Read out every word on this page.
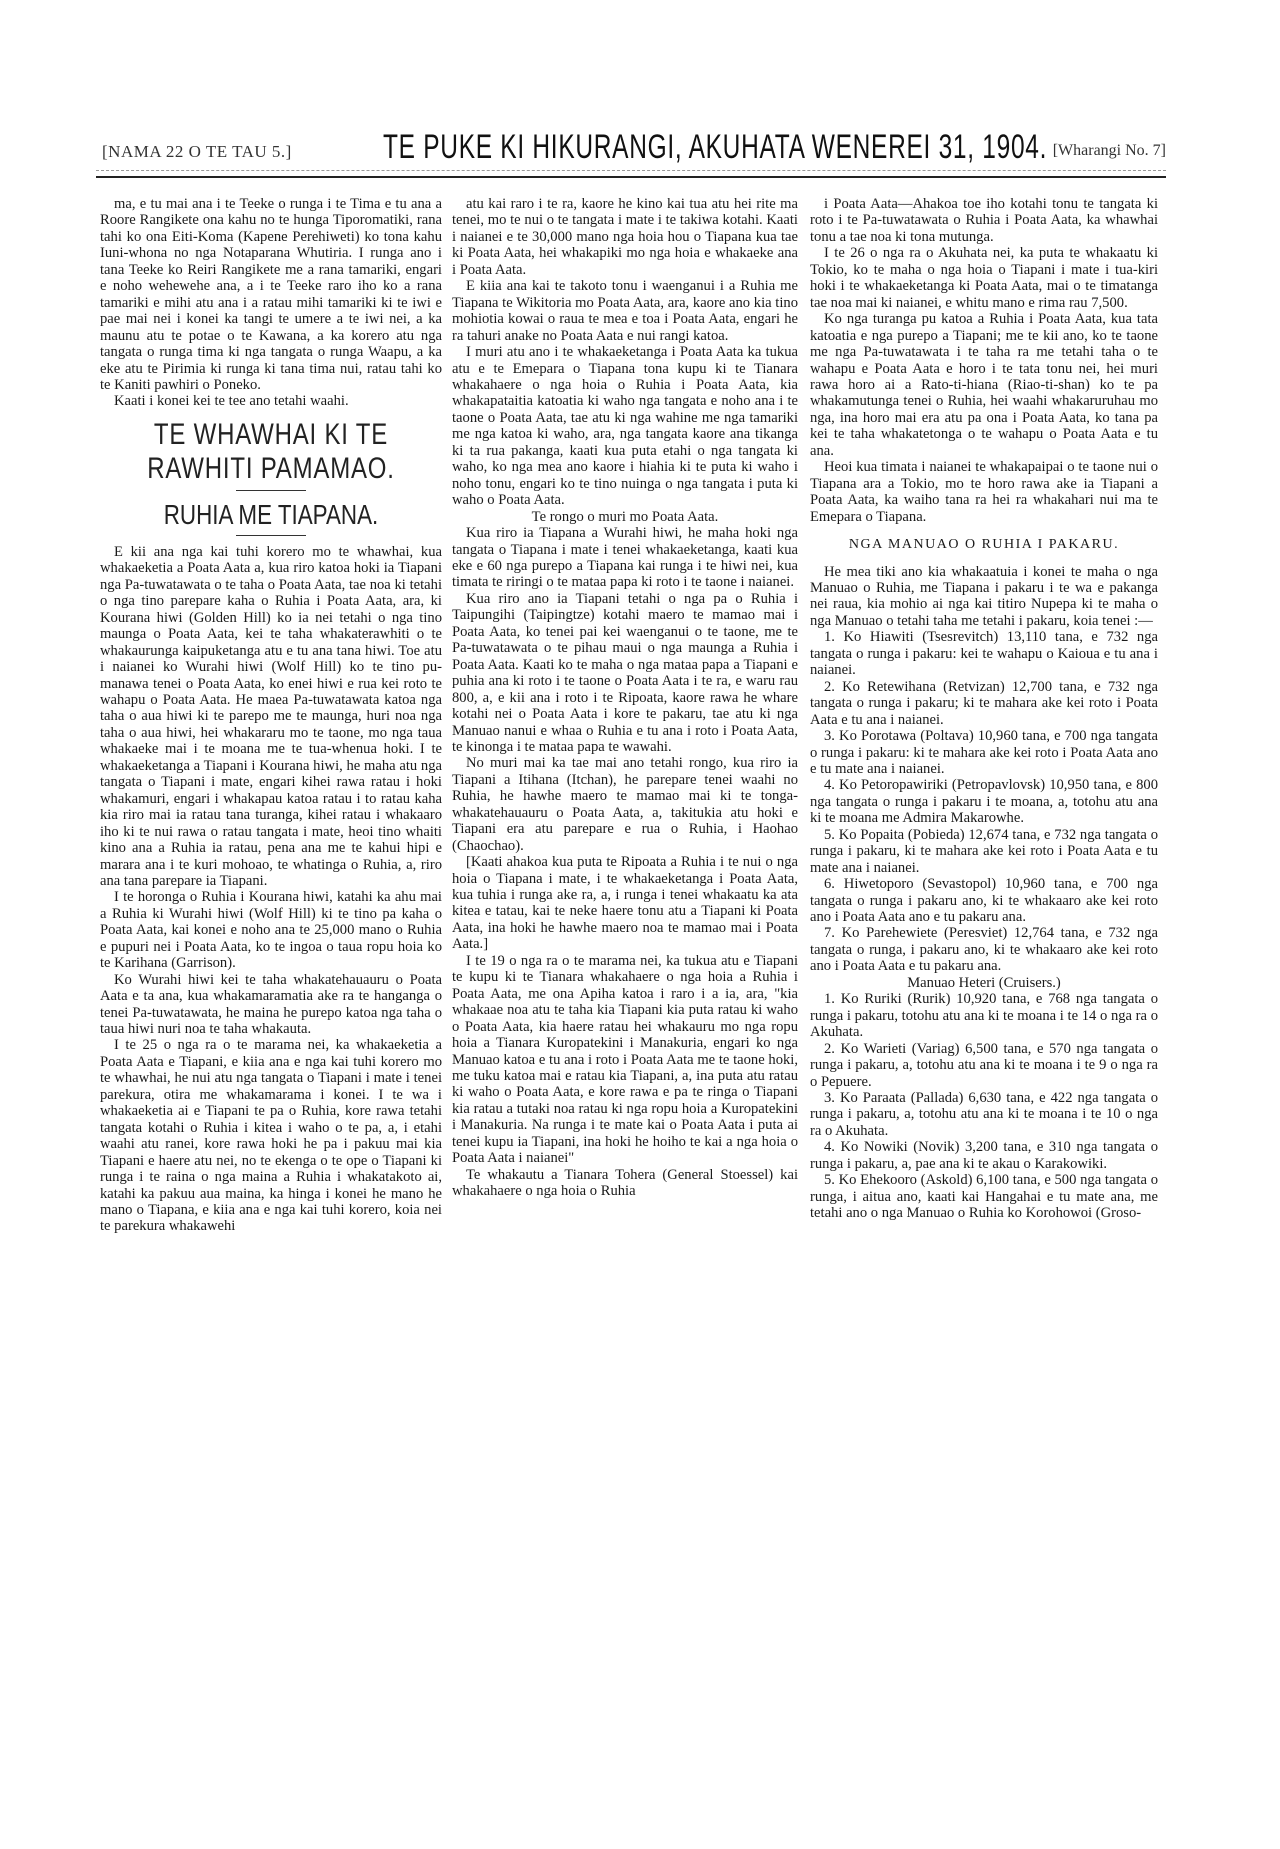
[NAMA 22 O TE TAU 5.]	TE PUKE KI HIKURANGI, AKUHATA WENEREI 31, 1904. [Wharangi No. 7]

ma, e tu mai ana i te Teeke o runga i te Tima e tu ana a Roore Rangikete ona kahu no te hunga Tiporomatiki, rana tahi ko ona Eiti-Koma (Kapene Perehiweti) ko tona kahu Iuni-whona no nga Notaparana Whutiria. I runga ano i tana Teeke ko Reiri Rangikete me a rana tamariki, engari e noho wehewehe ana, a i te Teeke raro iho ko a rana tamariki e mihi atu ana i a ratau mihi tamariki ki te iwi e pae mai nei i konei ka tangi te umere a te iwi nei, a ka maunu atu te potae o te Kawana, a ka korero atu nga tangata o runga tima ki nga tangata o runga Waapu, a ka eke atu te Pirimia ki runga ki tana tima nui, ratau tahi ko te Kaniti pawhiri o Poneko.

Kaati i konei kei te tee ano tetahi waahi.

TE WHAWHAI KI TE RAWHITI PAMAMAO.
RUHIA ME TIAPANA.

E kii ana nga kai tuhi korero mo te whawhai, kua whakaeketia a Poata Aata a, kua riro katoa hoki ia Tiapani nga Pa-tuwatawata o te taha o Poata Aata, tae noa ki tetahi o nga tino parepare kaha o Ruhia i Poata Aata, ara, ki Kourana hiwi (Golden Hill) ko ia nei tetahi o nga tino maunga o Poata Aata, kei te taha whakaterawhiti o te whakaurunga kaipuketanga atu e tu ana tana hiwi. Toe atu i naianei ko Wurahi hiwi (Wolf Hill) ko te tino pu-manawa tenei o Poata Aata, ko enei hiwi e rua kei roto te wahapu o Poata Aata. He maea Pa-tuwatawata katoa nga taha o aua hiwi ki te parepo me te maunga, huri noa nga taha o aua hiwi, hei whakararu mo te taone, mo nga taua whakaeke mai i te moana me te tua-whenua hoki. I te whakaeketanga a Tiapani i Kourana hiwi, he maha atu nga tangata o Tiapani i mate, engari kihei rawa ratau i hoki whakamuri, engari i whakapau katoa ratau i to ratau kaha kia riro mai ia ratau tana turanga, kihei ratau i whakaaro iho ki te nui rawa o ratau tangata i mate, heoi tino whaiti kino ana a Ruhia ia ratau, pena ana me te kahui hipi e marara ana i te kuri mohoao, te whatinga o Ruhia, a, riro ana tana parepare ia Tiapani.

I te horonga o Ruhia i Kourana hiwi, katahi ka ahu mai a Ruhia ki Wurahi hiwi (Wolf Hill) ki te tino pa kaha o Poata Aata, kai konei e noho ana te 25,000 mano o Ruhia e pupuri nei i Poata Aata, ko te ingoa o taua ropu hoia ko te Karihana (Garrison).

Ko Wurahi hiwi kei te taha whakatehauauru o Poata Aata e ta ana, kua whakamaramatia ake ra te hanganga o tenei Pa-tuwatawata, he maina he purepo katoa nga taha o taua hiwi nuri noa te taha whakauta.

I te 25 o nga ra o te marama nei, ka whakaeketia a Poata Aata e Tiapani, e kiia ana e nga kai tuhi korero mo te whawhai, he nui atu nga tangata o Tiapani i mate i tenei parekura, otira me whakamarama i konei. I te wa i whakaeketia ai e Tiapani te pa o Ruhia, kore rawa tetahi tangata kotahi o Ruhia i kitea i waho o te pa, a, i etahi waahi atu ranei, kore rawa hoki he pa i pakuu mai kia Tiapani e haere atu nei, no te ekenga o te ope o Tiapani ki runga i te raina o nga maina a Ruhia i whakatakoto ai, katahi ka pakuu aua maina, ka hinga i konei he mano he mano o Tiapana, e kiia ana e nga kai tuhi korero, koia nei te parekura whakawehi

atu kai raro i te ra, kaore he kino kai tua atu hei rite ma tenei, mo te nui o te tangata i mate i te takiwa kotahi. Kaati i naianei e te 30,000 mano nga hoia hou o Tiapana kua tae ki Poata Aata, hei whakapiki mo nga hoia e whakaeke ana i Poata Aata.

E kiia ana kai te takoto tonu i waenganui i a Ruhia me Tiapana te Wikitoria mo Poata Aata, ara, kaore ano kia tino mohiotia kowai o raua te mea e toa i Poata Aata, engari he ra tahuri anake no Poata Aata e nui rangi katoa.

I muri atu ano i te whakaeketanga i Poata Aata ka tukua atu e te Emepara o Tiapana tona kupu ki te Tianara whakahaere o nga hoia o Ruhia i Poata Aata, kia whakapataitia katoatia ki waho nga tangata e noho ana i te taone o Poata Aata, tae atu ki nga wahine me nga tamariki me nga katoa ki waho, ara, nga tangata kaore ana tikanga ki ta rua pakanga, kaati kua puta etahi o nga tangata ki waho, ko nga mea ano kaore i hiahia ki te puta ki waho i noho tonu, engari ko te tino nuinga o nga tangata i puta ki waho o Poata Aata.

Te rongo o muri mo Poata Aata.

Kua riro ia Tiapana a Wurahi hiwi, he maha hoki nga tangata o Tiapana i mate i tenei whakaeketanga, kaati kua eke e 60 nga purepo a Tiapana kai runga i te hiwi nei, kua timata te riringi o te mataa papa ki roto i te taone i naianei.

Kua riro ano ia Tiapani tetahi o nga pa o Ruhia i Taipungihi (Taipingtze) kotahi maero te mamao mai i Poata Aata, ko tenei pai kei waenganui o te taone, me te Pa-tuwatawata o te pihau maui o nga maunga a Ruhia i Poata Aata. Kaati ko te maha o nga mataa papa a Tiapani e puhia ana ki roto i te taone o Poata Aata i te ra, e waru rau 800, a, e kii ana i roto i te Ripoata, kaore rawa he whare kotahi nei o Poata Aata i kore te pakaru, tae atu ki nga Manuao nanui e whaa o Ruhia e tu ana i roto i Poata Aata, te kinonga i te mataa papa te wawahi.

No muri mai ka tae mai ano tetahi rongo, kua riro ia Tiapani a Itihana (Itchan), he parepare tenei waahi no Ruhia, he hawhe maero te mamao mai ki te tonga-whakatehauauru o Poata Aata, a, takitukia atu hoki e Tiapani era atu parepare e rua o Ruhia, i Haohao (Chaochao).

[Kaati ahakoa kua puta te Ripoata a Ruhia i te nui o nga hoia o Tiapana i mate, i te whakaeketanga i Poata Aata, kua tuhia i runga ake ra, a, i runga i tenei whakaatu ka ata kitea e tatau, kai te neke haere tonu atu a Tiapani ki Poata Aata, ina hoki he hawhe maero noa te mamao mai i Poata Aata.]

I te 19 o nga ra o te marama nei, ka tukua atu e Tiapani te kupu ki te Tianara whakahaere o nga hoia a Ruhia i Poata Aata, me ona Apiha katoa i raro i a ia, ara, "kia whakaae noa atu te taha kia Tiapani kia puta ratau ki waho o Poata Aata, kia haere ratau hei whakauru mo nga ropu hoia a Tianara Kuropatekini i Manakuria, engari ko nga Manuao katoa e tu ana i roto i Poata Aata me te taone hoki, me tuku katoa mai e ratau kia Tiapani, a, ina puta atu ratau ki waho o Poata Aata, e kore rawa e pa te ringa o Tiapani kia ratau a tutaki noa ratau ki nga ropu hoia a Kuropatekini i Manakuria. Na runga i te mate kai o Poata Aata i puta ai tenei kupu ia Tiapani, ina hoki he hoiho te kai a nga hoia o Poata Aata i naianei"

Te whakautu a Tianara Tohera (General Stoessel) kai whakahaere o nga hoia o Ruhia

i Poata Aata—Ahakoa toe iho kotahi tonu te tangata ki roto i te Pa-tuwatawata o Ruhia i Poata Aata, ka whawhai tonu a tae noa ki tona mutunga.

I te 26 o nga ra o Akuhata nei, ka puta te whakaatu ki Tokio, ko te maha o nga hoia o Tiapani i mate i tua-kiri hoki i te whakaeketanga ki Poata Aata, mai o te timatanga tae noa mai ki naianei, e whitu mano e rima rau 7,500.

Ko nga turanga pu katoa a Ruhia i Poata Aata, kua tata katoatia e nga purepo a Tiapani; me te kii ano, ko te taone me nga Pa-tuwatawata i te taha ra me tetahi taha o te wahapu e Poata Aata e horo i te tata tonu nei, hei muri rawa horo ai a Rato-ti-hiana (Riao-ti-shan) ko te pa whakamutunga tenei o Ruhia, hei waahi whakaruruhau mo nga, ina horo mai era atu pa ona i Poata Aata, ko tana pa kei te taha whakatetonga o te wahapu o Poata Aata e tu ana.

Heoi kua timata i naianei te whakapaipai o te taone nui o Tiapana ara a Tokio, mo te horo rawa ake ia Tiapani a Poata Aata, ka waiho tana ra hei ra whakahari nui ma te Emepara o Tiapana.

NGA MANUAO O RUHIA I PAKARU.

He mea tiki ano kia whakaatuia i konei te maha o nga Manuao o Ruhia, me Tiapana i pakaru i te wa e pakanga nei raua, kia mohio ai nga kai titiro Nupepa ki te maha o nga Manuao o tetahi taha me tetahi i pakaru, koia tenei :—

1. Ko Hiawiti (Tsesrevitch) 13,110 tana, e 732 nga tangata o runga i pakaru: kei te wahapu o Kaioua e tu ana i naianei.

2. Ko Retewihana (Retvizan) 12,700 tana, e 732 nga tangata o runga i pakaru; ki te mahara ake kei roto i Poata Aata e tu ana i naianei.

3. Ko Porotawa (Poltava) 10,960 tana, e 700 nga tangata o runga i pakaru: ki te mahara ake kei roto i Poata Aata ano e tu mate ana i naianei.

4. Ko Petoropawiriki (Petropavlovsk) 10,950 tana, e 800 nga tangata o runga i pakaru i te moana, a, totohu atu ana ki te moana me Admira Makarowhe.

5. Ko Popaita (Pobieda) 12,674 tana, e 732 nga tangata o runga i pakaru, ki te mahara ake kei roto i Poata Aata e tu mate ana i naianei.

6. Hiwetoporo (Sevastopol) 10,960 tana, e 700 nga tangata o runga i pakaru ano, ki te whakaaro ake kei roto ano i Poata Aata ano e tu pakaru ana.

7. Ko Parehewiete (Peresviet) 12,764 tana, e 732 nga tangata o runga, i pakaru ano, ki te whakaaro ake kei roto ano i Poata Aata e tu pakaru ana.

Manuao Heteri (Cruisers.)

1. Ko Ruriki (Rurik) 10,920 tana, e 768 nga tangata o runga i pakaru, totohu atu ana ki te moana i te 14 o nga ra o Akuhata.

2. Ko Warieti (Variag) 6,500 tana, e 570 nga tangata o runga i pakaru, a, totohu atu ana ki te moana i te 9 o nga ra o Pepuere.

3. Ko Paraata (Pallada) 6,630 tana, e 422 nga tangata o runga i pakaru, a, totohu atu ana ki te moana i te 10 o nga ra o Akuhata.

4. Ko Nowiki (Novik) 3,200 tana, e 310 nga tangata o runga i pakaru, a, pae ana ki te akau o Karakowiki.

5. Ko Ehekooro (Askold) 6,100 tana, e 500 nga tangata o runga, i aitua ano, kaati kai Hangahai e tu mate ana, me tetahi ano o nga Manuao o Ruhia ko Korohowoi (Groso-
